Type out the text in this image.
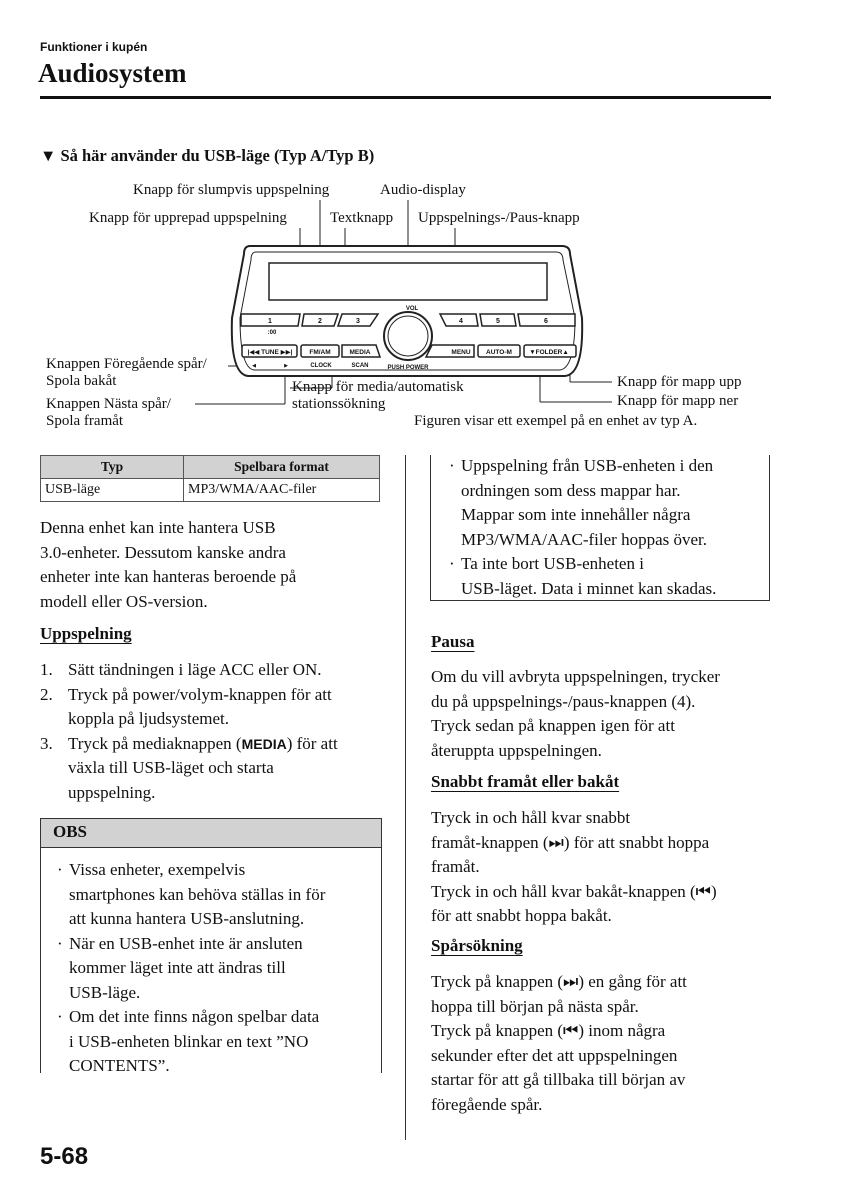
Funktioner i kupén
Audiosystem
▼ Så här använder du USB-läge (Typ A/Typ B)
Knapp för slumpvis uppspelning	Audio-display
Knapp för upprepad uppspelning	Textknapp Uppspelnings-/Paus-knapp
Knappen Föregående spår/
Spola bakåt
Knappen Nästa spår/
Spola framåt
Knapp för media/automatisk
stationssökning
Knapp för mapp upp
Knapp för mapp ner
Figuren visar ett exempel på en enhet av typ A.
1	2	3	4	5	6
:00
VOL
PUSH POWER
|◀◀ TUNE ▶▶|	FM/AM
CLOCK
MEDIA
SCAN
MENU AUTO-M	▼FOLDER▲
◀	▶
Typ	Spelbara format
USB-läge	MP3/WMA/AAC-filer
Denna enhet kan inte hantera USB
3.0-enheter. Dessutom kanske andra
enheter inte kan hanteras beroende på
modell eller OS-version.
Uppspelning
1. Sätt tändningen i läge ACC eller ON.
2. Tryck på power/volym-knappen för att
koppla på ljudsystemet.
3. Tryck på mediaknappen (MEDIA) för att
växla till USB-läget och starta
uppspelning.
OBS
· Vissa enheter, exempelvis
smartphones kan behöva ställas in för
att kunna hantera USB-anslutning.
· När en USB-enhet inte är ansluten
kommer läget inte att ändras till
USB-läge.
· Om det inte finns någon spelbar data
i USB-enheten blinkar en text ”NO
CONTENTS”.
· Uppspelning från USB-enheten i den
ordningen som dess mappar har.
Mappar som inte innehåller några
MP3/WMA/AAC-filer hoppas över.
· Ta inte bort USB-enheten i
USB-läget. Data i minnet kan skadas.
Pausa
Om du vill avbryta uppspelningen, trycker
du på uppspelnings-/paus-knappen (4).
Tryck sedan på knappen igen för att
återuppta uppspelningen.
Snabbt framåt eller bakåt
Tryck in och håll kvar snabbt
framåt-knappen (⏭) för att snabbt hoppa
framåt.
Tryck in och håll kvar bakåt-knappen (⏮)
för att snabbt hoppa bakåt.
Spårsökning
Tryck på knappen (⏭) en gång för att
hoppa till början på nästa spår.
Tryck på knappen (⏮) inom några
sekunder efter det att uppspelningen
startar för att gå tillbaka till början av
föregående spår.
5-68
